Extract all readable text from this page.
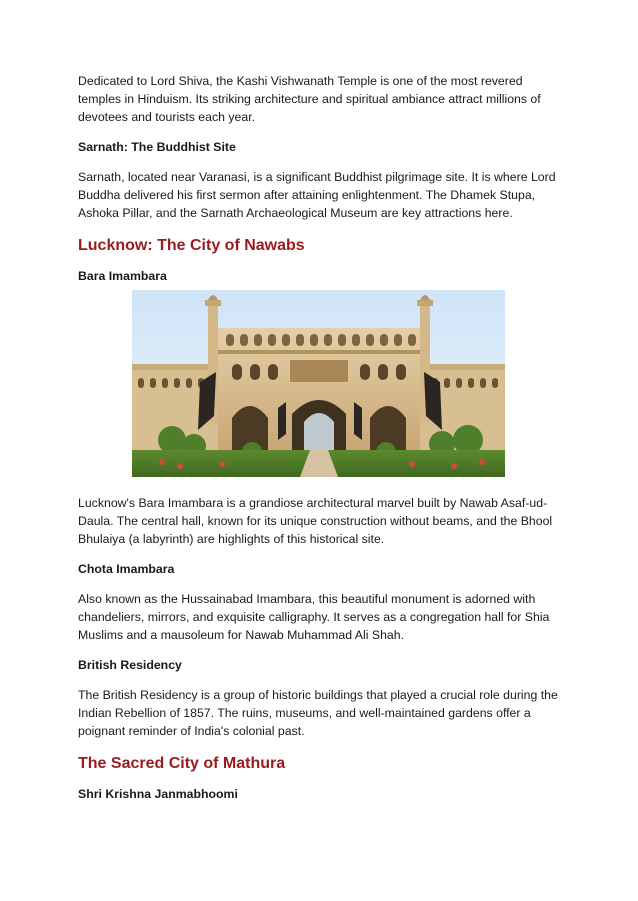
Dedicated to Lord Shiva, the Kashi Vishwanath Temple is one of the most revered temples in Hinduism. Its striking architecture and spiritual ambiance attract millions of devotees and tourists each year.

Sarnath: The Buddhist Site

Sarnath, located near Varanasi, is a significant Buddhist pilgrimage site. It is where Lord Buddha delivered his first sermon after attaining enlightenment. The Dhamek Stupa, Ashoka Pillar, and the Sarnath Archaeological Museum are key attractions here.

Lucknow: The City of Nawabs
Bara Imambara

Lucknow's Bara Imambara is a grandiose architectural marvel built by Nawab Asaf-ud-Daula. The central hall, known for its unique construction without beams, and the Bhool Bhulaiya (a labyrinth) are highlights of this historical site.

Chota Imambara

Also known as the Hussainabad Imambara, this beautiful monument is adorned with chandeliers, mirrors, and exquisite calligraphy. It serves as a congregation hall for Shia Muslims and a mausoleum for Nawab Muhammad Ali Shah.

British Residency

The British Residency is a group of historic buildings that played a crucial role during the Indian Rebellion of 1857. The ruins, museums, and well-maintained gardens offer a poignant reminder of India's colonial past.

The Sacred City of Mathura
Shri Krishna Janmabhoomi
